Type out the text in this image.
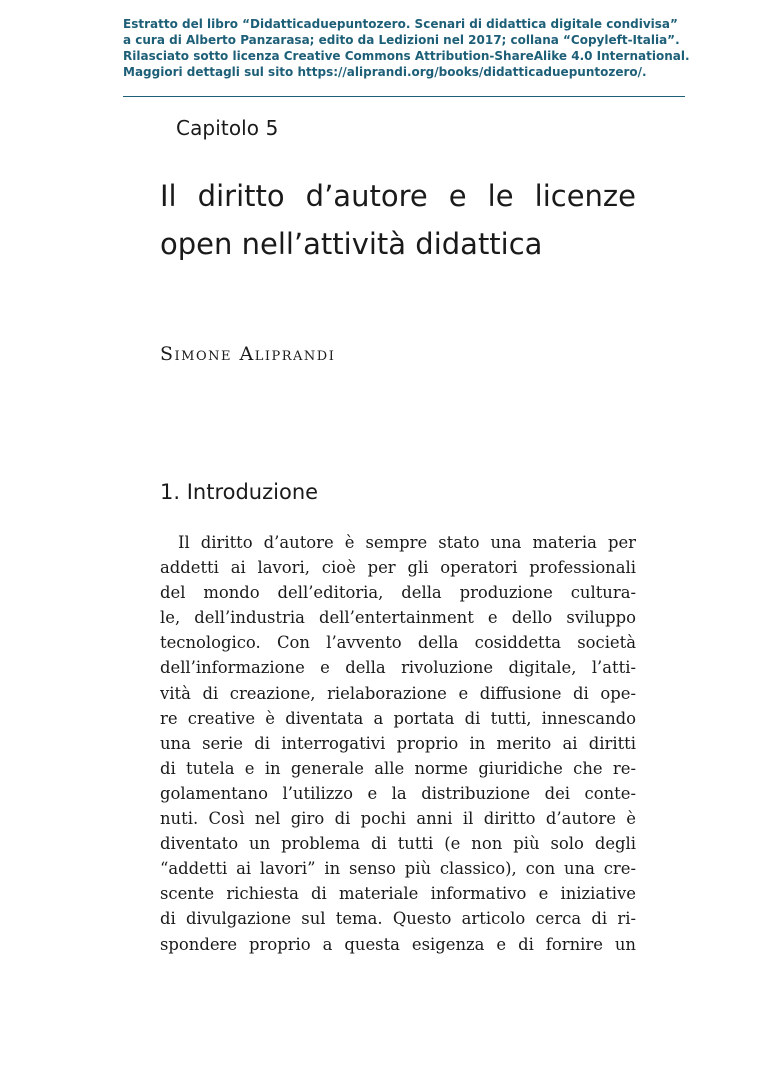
Estratto del libro “Didatticaduepuntozero. Scenari di didattica digitale condivisa”
a cura di Alberto Panzarasa; edito da Ledizioni nel 2017; collana “Copyleft-Italia”.
Rilasciato sotto licenza Creative Commons Attribution-ShareAlike 4.0 International.
Maggiori dettagli sul sito https://aliprandi.org/books/didatticaduepuntozero/.
Capitolo 5
Il diritto d’autore e le licenze open nell’attività didattica
Simone Aliprandi
1. Introduzione
Il diritto d’autore è sempre stato una materia per
addetti ai lavori, cioè per gli operatori professionali
del mondo dell’editoria, della produzione cultura-
le, dell’industria dell’entertainment e dello sviluppo
tecnologico. Con l’avvento della cosiddetta società
dell’informazione e della rivoluzione digitale, l’atti-
vità di creazione, rielaborazione e diffusione di ope-
re creative è diventata a portata di tutti, innescando
una serie di interrogativi proprio in merito ai diritti
di tutela e in generale alle norme giuridiche che re-
golamentano l’utilizzo e la distribuzione dei conte-
nuti. Così nel giro di pochi anni il diritto d’autore è
diventato un problema di tutti (e non più solo degli
“addetti ai lavori” in senso più classico), con una cre-
scente richiesta di materiale informativo e iniziative
di divulgazione sul tema. Questo articolo cerca di ri-
spondere proprio a questa esigenza e di fornire un
